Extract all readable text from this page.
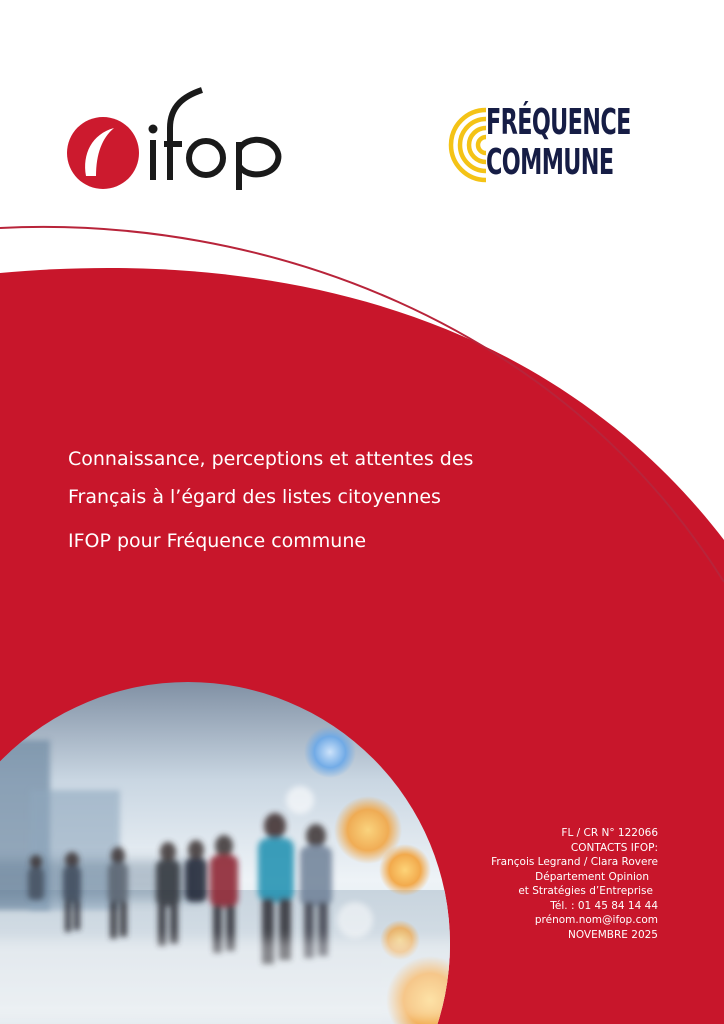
FRÉQUENCE
COMMUNE
Connaissance, perceptions et attentes des
Français à l’égard des listes citoyennes
IFOP pour Fréquence commune
FL / CR N° 122066
CONTACTS IFOP:
François Legrand / Clara Rovere
Département Opinion
et Stratégies d’Entreprise
Tél. : 01 45 84 14 44
prénom.nom@ifop.com
NOVEMBRE 2025
